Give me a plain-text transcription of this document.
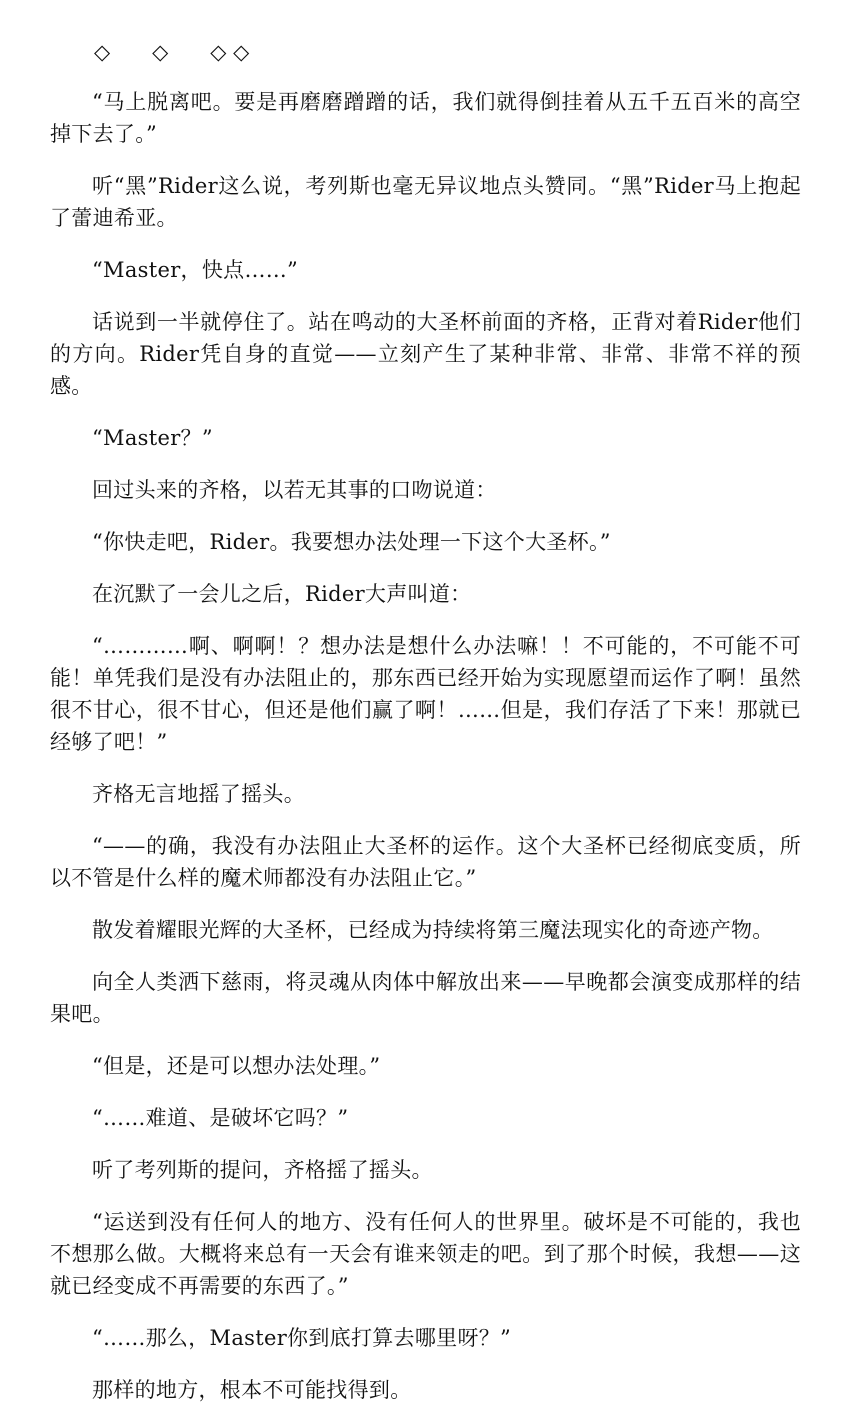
◇　　◇　　◇ ◇

“马上脱离吧。要是再磨磨蹭蹭的话，我们就得倒挂着从五千五百米的高空掉下去了。”

听“黑”Rider这么说，考列斯也毫无异议地点头赞同。“黑”Rider马上抱起了蕾迪希亚。

“Master，快点……”

话说到一半就停住了。站在鸣动的大圣杯前面的齐格，正背对着Rider他们的方向。Rider凭自身的直觉——立刻产生了某种非常、非常、非常不祥的预感。

“Master？”

回过头来的齐格，以若无其事的口吻说道：

“你快走吧，Rider。我要想办法处理一下这个大圣杯。”

在沉默了一会儿之后，Rider大声叫道：

“…………啊、啊啊！？想办法是想什么办法嘛！！不可能的，不可能不可能！单凭我们是没有办法阻止的，那东西已经开始为实现愿望而运作了啊！虽然很不甘心，很不甘心，但还是他们赢了啊！……但是，我们存活了下来！那就已经够了吧！”

齐格无言地摇了摇头。

“——的确，我没有办法阻止大圣杯的运作。这个大圣杯已经彻底变质，所以不管是什么样的魔术师都没有办法阻止它。”

散发着耀眼光辉的大圣杯，已经成为持续将第三魔法现实化的奇迹产物。

向全人类洒下慈雨，将灵魂从肉体中解放出来——早晚都会演变成那样的结果吧。

“但是，还是可以想办法处理。”

“……难道、是破坏它吗？”

听了考列斯的提问，齐格摇了摇头。

“运送到没有任何人的地方、没有任何人的世界里。破坏是不可能的，我也不想那么做。大概将来总有一天会有谁来领走的吧。到了那个时候，我想——这就已经变成不再需要的东西了。”

“……那么，Master你到底打算去哪里呀？”

那样的地方，根本不可能找得到。
